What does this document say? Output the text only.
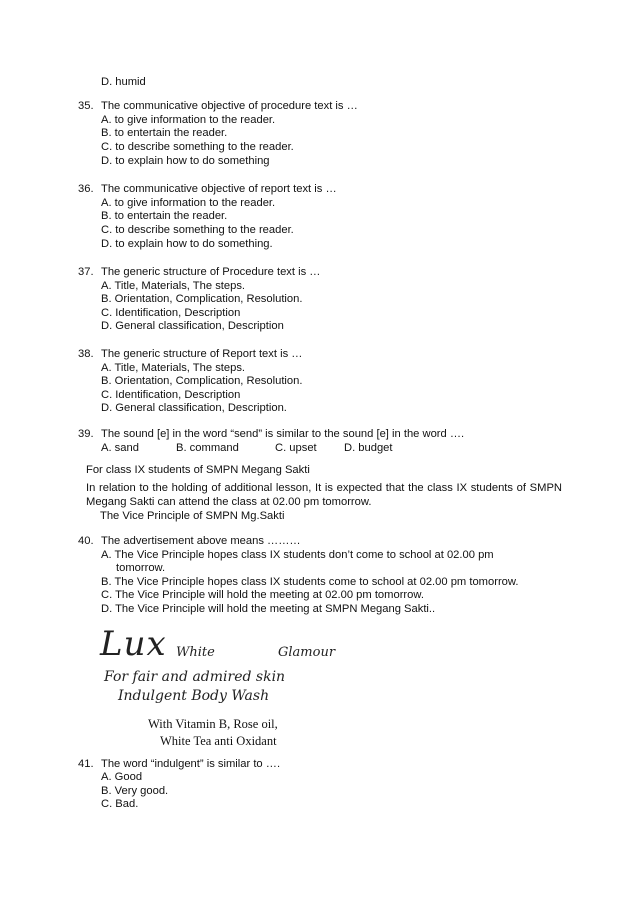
D. humid
35. The communicative objective of procedure text is …
A. to give information to the reader.
B. to entertain the reader.
C. to describe something to the reader.
D. to explain how to do something
36. The communicative objective of report text is …
A. to give information to the reader.
B. to entertain the reader.
C. to describe something to the reader.
D. to explain how to do something.
37. The generic structure of Procedure text is …
A. Title, Materials, The steps.
B. Orientation, Complication, Resolution.
C. Identification, Description
D. General classification, Description
38. The generic structure of Report text is …
A. Title, Materials, The steps.
B. Orientation, Complication, Resolution.
C. Identification, Description
D. General classification, Description.
39. The sound [e] in the word “send” is similar to the sound [e] in the word ….
A. sand	B. command	C. upset D. budget
For class IX students of SMPN Megang Sakti
In relation to the holding of additional lesson, It is expected that the class IX students of SMPN Megang Sakti can attend the class at 02.00 pm tomorrow.
The Vice Principle of SMPN Mg.Sakti
40. The advertisement above means ………
A. The Vice Principle hopes class IX students don’t come to school at 02.00 pm
tomorrow.
B. The Vice Principle hopes class IX students come to school at 02.00 pm tomorrow.
C. The Vice Principle will hold the meeting at 02.00 pm tomorrow.
D. The Vice Principle will hold the meeting at SMPN Megang Sakti..
Lux White	Glamour
For fair and admired skin
Indulgent Body Wash
With Vitamin B, Rose oil,
White Tea anti Oxidant
41. The word “indulgent” is similar to ….
A. Good
B. Very good.
C. Bad.
